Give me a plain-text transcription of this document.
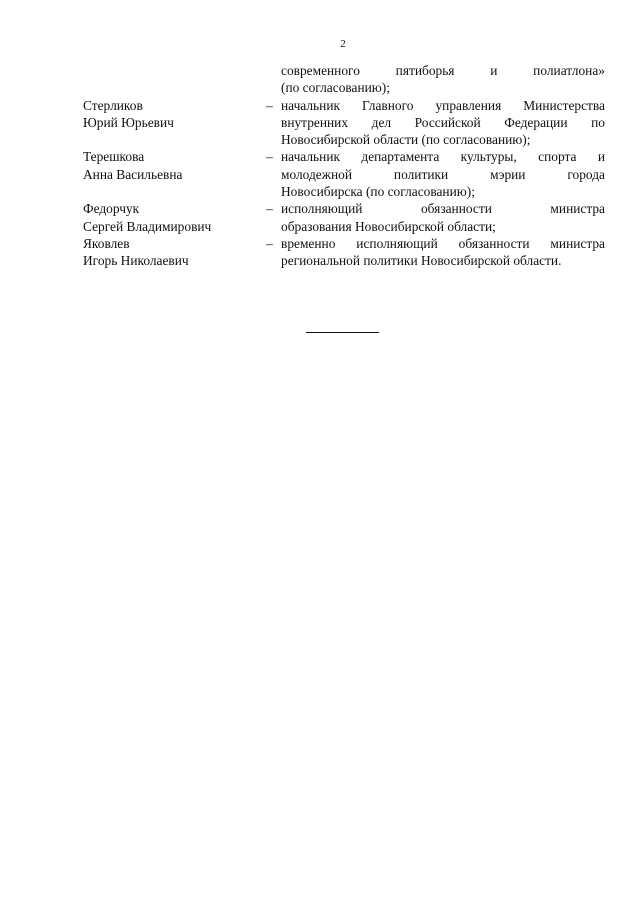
2
современного пятиборья и полиатлона»
(по согласованию);
Стерликов
Юрий Юрьевич
– начальник Главного управления Министерства
внутренних дел Российской Федерации по
Новосибирской области (по согласованию);
Терешкова
Анна Васильевна
– начальник департамента культуры, спорта и
молодежной политики мэрии города
Новосибирска (по согласованию);
Федорчук
Сергей Владимирович
– исполняющий обязанности министра
образования Новосибирской области;
Яковлев
Игорь Николаевич
– временно исполняющий обязанности министра
региональной политики Новосибирской области.
